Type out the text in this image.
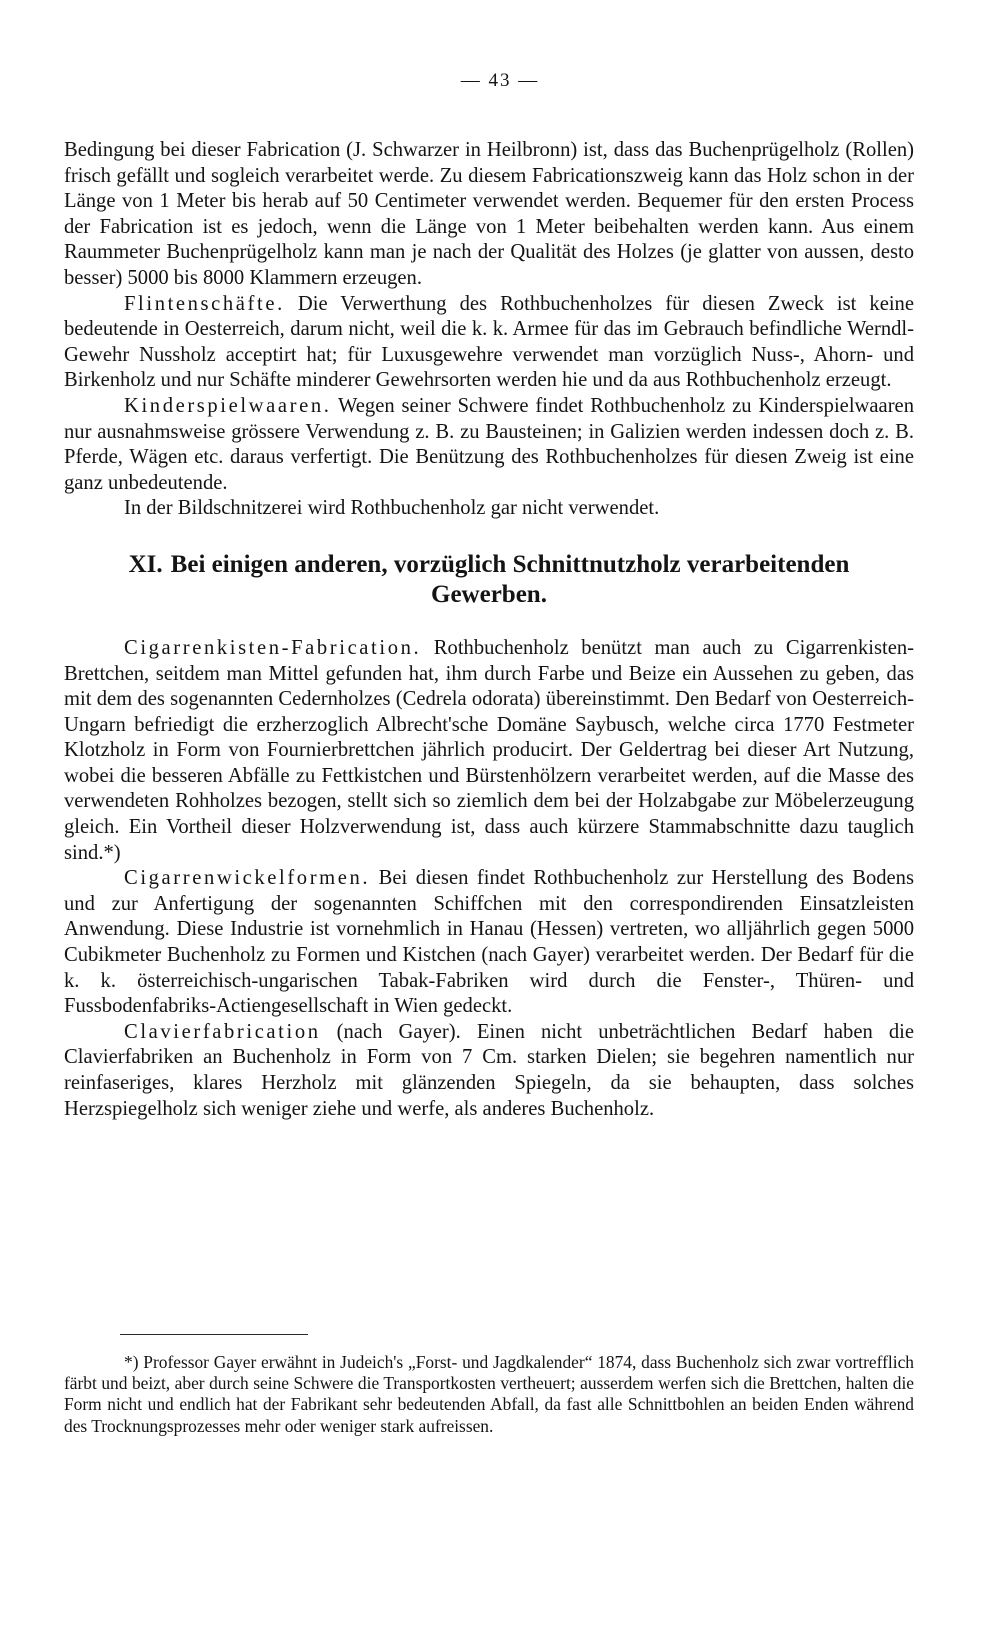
— 43 —

Bedingung bei dieser Fabrication (J. Schwarzer in Heilbronn) ist, dass das Buchenprügelholz (Rollen) frisch gefällt und sogleich verarbeitet werde. Zu diesem Fabricationszweig kann das Holz schon in der Länge von 1 Meter bis herab auf 50 Centimeter verwendet werden. Bequemer für den ersten Process der Fabrication ist es jedoch, wenn die Länge von 1 Meter beibehalten werden kann. Aus einem Raummeter Buchenprügelholz kann man je nach der Qualität des Holzes (je glatter von aussen, desto besser) 5000 bis 8000 Klammern erzeugen.

Flintenschäfte. Die Verwerthung des Rothbuchenholzes für diesen Zweck ist keine bedeutende in Oesterreich, darum nicht, weil die k. k. Armee für das im Gebrauch befindliche Werndl-Gewehr Nussholz acceptirt hat; für Luxusgewehre verwendet man vorzüglich Nuss-, Ahorn- und Birkenholz und nur Schäfte minderer Gewehrsorten werden hie und da aus Rothbuchenholz erzeugt.

Kinderspielwaaren. Wegen seiner Schwere findet Rothbuchenholz zu Kinderspielwaaren nur ausnahmsweise grössere Verwendung z. B. zu Bausteinen; in Galizien werden indessen doch z. B. Pferde, Wägen etc. daraus verfertigt. Die Benützung des Rothbuchenholzes für diesen Zweig ist eine ganz unbedeutende.

In der Bildschnitzerei wird Rothbuchenholz gar nicht verwendet.

XI. Bei einigen anderen, vorzüglich Schnittnutzholz verarbeitenden Gewerben.

Cigarrenkisten-Fabrication. Rothbuchenholz benützt man auch zu Cigarrenkisten-Brettchen, seitdem man Mittel gefunden hat, ihm durch Farbe und Beize ein Aussehen zu geben, das mit dem des sogenannten Cedernholzes (Cedrela odorata) übereinstimmt. Den Bedarf von Oesterreich-Ungarn befriedigt die erzherzoglich Albrecht'sche Domäne Saybusch, welche circa 1770 Festmeter Klotzholz in Form von Fournierbrettchen jährlich producirt. Der Geldertrag bei dieser Art Nutzung, wobei die besseren Abfälle zu Fettkistchen und Bürstenhölzern verarbeitet werden, auf die Masse des verwendeten Rohholzes bezogen, stellt sich so ziemlich dem bei der Holzabgabe zur Möbelerzeugung gleich. Ein Vortheil dieser Holzverwendung ist, dass auch kürzere Stammabschnitte dazu tauglich sind.*)

Cigarrenwickelformen. Bei diesen findet Rothbuchenholz zur Herstellung des Bodens und zur Anfertigung der sogenannten Schiffchen mit den correspondirenden Einsatzleisten Anwendung. Diese Industrie ist vornehmlich in Hanau (Hessen) vertreten, wo alljährlich gegen 5000 Cubikmeter Buchenholz zu Formen und Kistchen (nach Gayer) verarbeitet werden. Der Bedarf für die k. k. österreichisch-ungarischen Tabak-Fabriken wird durch die Fenster-, Thüren- und Fussbodenfabriks-Actiengesellschaft in Wien gedeckt.

Clavierfabrication (nach Gayer). Einen nicht unbeträchtlichen Bedarf haben die Clavierfabriken an Buchenholz in Form von 7 Cm. starken Dielen; sie begehren namentlich nur reinfaseriges, klares Herzholz mit glänzenden Spiegeln, da sie behaupten, dass solches Herzspiegelholz sich weniger ziehe und werfe, als anderes Buchenholz.

*) Professor Gayer erwähnt in Judeich's „Forst- und Jagdkalender“ 1874, dass Buchenholz sich zwar vortrefflich färbt und beizt, aber durch seine Schwere die Transportkosten vertheuert; ausserdem werfen sich die Brettchen, halten die Form nicht und endlich hat der Fabrikant sehr bedeutenden Abfall, da fast alle Schnittbohlen an beiden Enden während des Trocknungsprozesses mehr oder weniger stark aufreissen.
